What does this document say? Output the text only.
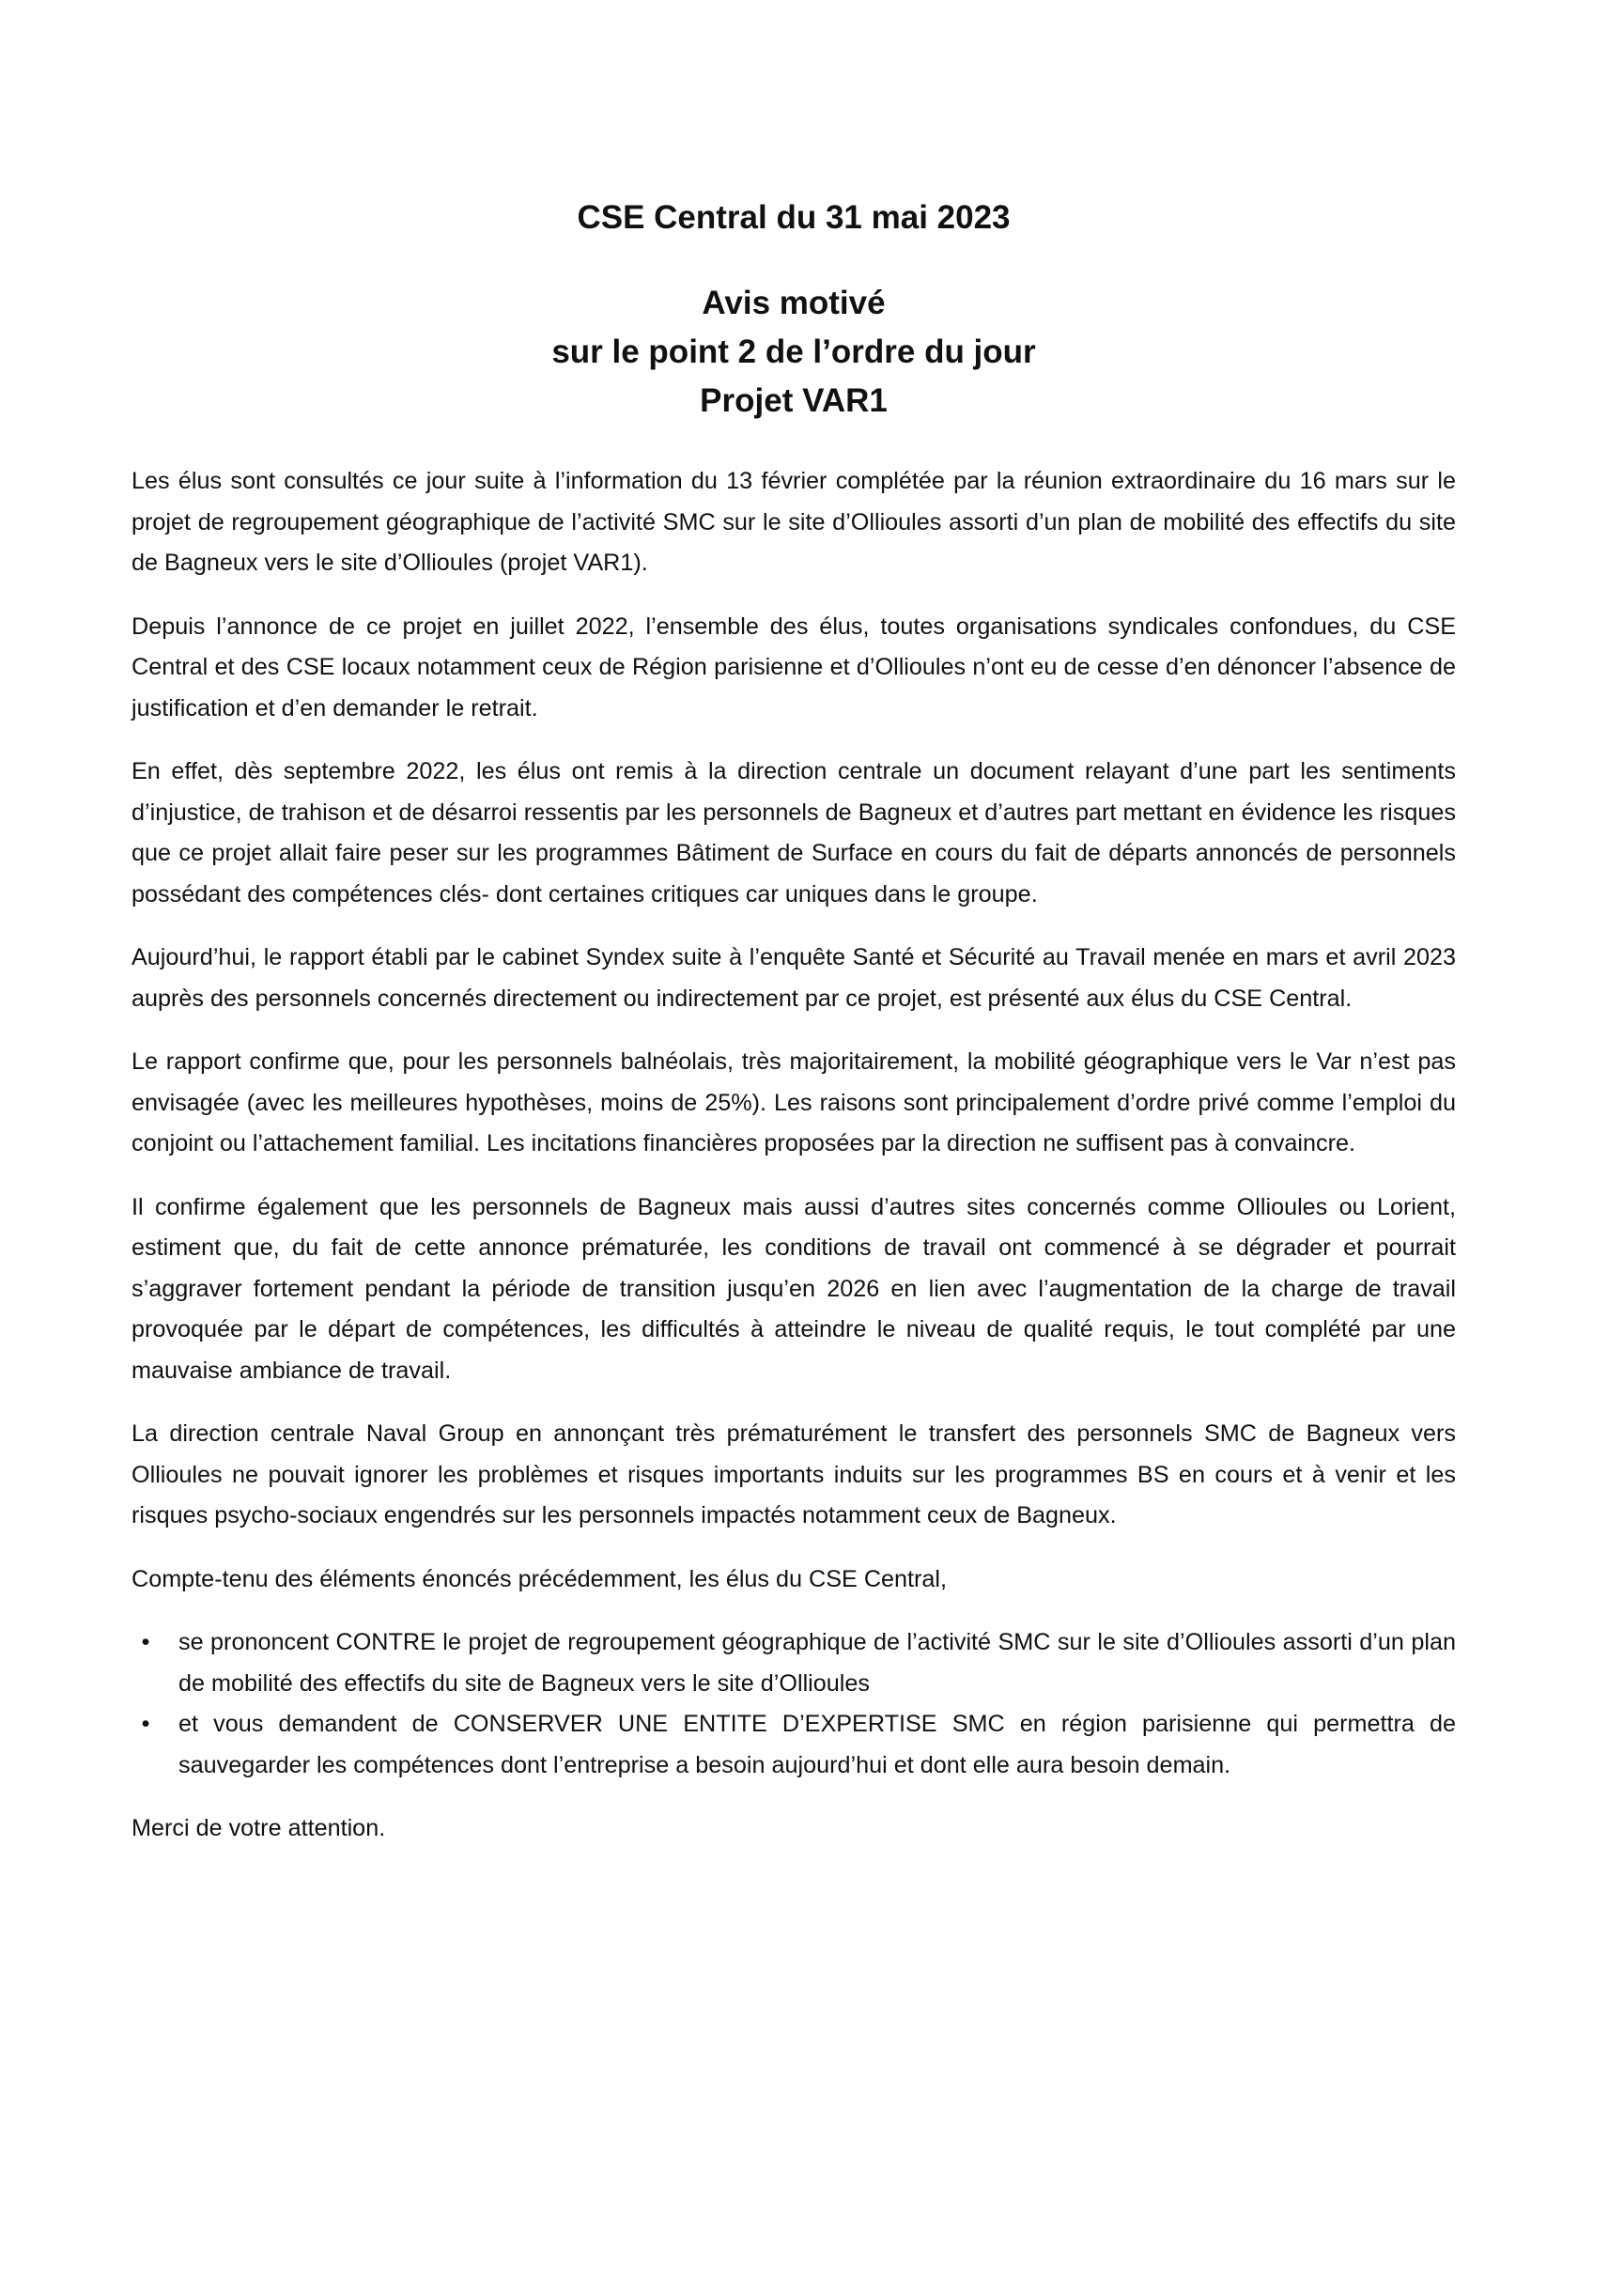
CSE Central du 31 mai 2023
Avis motivé
sur le point 2 de l’ordre du jour
Projet VAR1

Les élus sont consultés ce jour suite à l’information du 13 février complétée par la réunion extraordinaire du 16 mars sur le projet de regroupement géographique de l’activité SMC sur le site d’Ollioules assorti d’un plan de mobilité des effectifs du site de Bagneux vers le site d’Ollioules (projet VAR1).

Depuis l’annonce de ce projet en juillet 2022, l’ensemble des élus, toutes organisations syndicales confondues, du CSE Central et des CSE locaux notamment ceux de Région parisienne et d’Ollioules n’ont eu de cesse d’en dénoncer l’absence de justification et d’en demander le retrait.

En effet, dès septembre 2022, les élus ont remis à la direction centrale un document relayant d’une part les sentiments d’injustice, de trahison et de désarroi ressentis par les personnels de Bagneux et d’autres part mettant en évidence les risques que ce projet allait faire peser sur les programmes Bâtiment de Surface en cours du fait de départs annoncés de personnels possédant des compétences clés- dont certaines critiques car uniques dans le groupe.

Aujourd’hui, le rapport établi par le cabinet Syndex suite à l’enquête Santé et Sécurité au Travail menée en mars et avril 2023 auprès des personnels concernés directement ou indirectement par ce projet, est présenté aux élus du CSE Central.

Le rapport confirme que, pour les personnels balnéolais, très majoritairement, la mobilité géographique vers le Var n’est pas envisagée (avec les meilleures hypothèses, moins de 25%). Les raisons sont principalement d’ordre privé comme l’emploi du conjoint ou l’attachement familial. Les incitations financières proposées par la direction ne suffisent pas à convaincre.

Il confirme également que les personnels de Bagneux mais aussi d’autres sites concernés comme Ollioules ou Lorient, estiment que, du fait de cette annonce prématurée, les conditions de travail ont commencé à se dégrader et pourrait s’aggraver fortement pendant la période de transition jusqu’en 2026 en lien avec l’augmentation de la charge de travail provoquée par le départ de compétences, les difficultés à atteindre le niveau de qualité requis, le tout complété par une mauvaise ambiance de travail.

La direction centrale Naval Group en annonçant très prématurément le transfert des personnels SMC de Bagneux vers Ollioules ne pouvait ignorer les problèmes et risques importants induits sur les programmes BS en cours et à venir et les risques psycho-sociaux engendrés sur les personnels impactés notamment ceux de Bagneux.

Compte-tenu des éléments énoncés précédemment, les élus du CSE Central,

•	se prononcent CONTRE le projet de regroupement géographique de l’activité SMC sur le site d’Ollioules assorti d’un plan de mobilité des effectifs du site de Bagneux vers le site d’Ollioules
•	et vous demandent de CONSERVER UNE ENTITE D’EXPERTISE SMC en région parisienne qui permettra de sauvegarder les compétences dont l’entreprise a besoin aujourd’hui et dont elle aura besoin demain.

Merci de votre attention.
